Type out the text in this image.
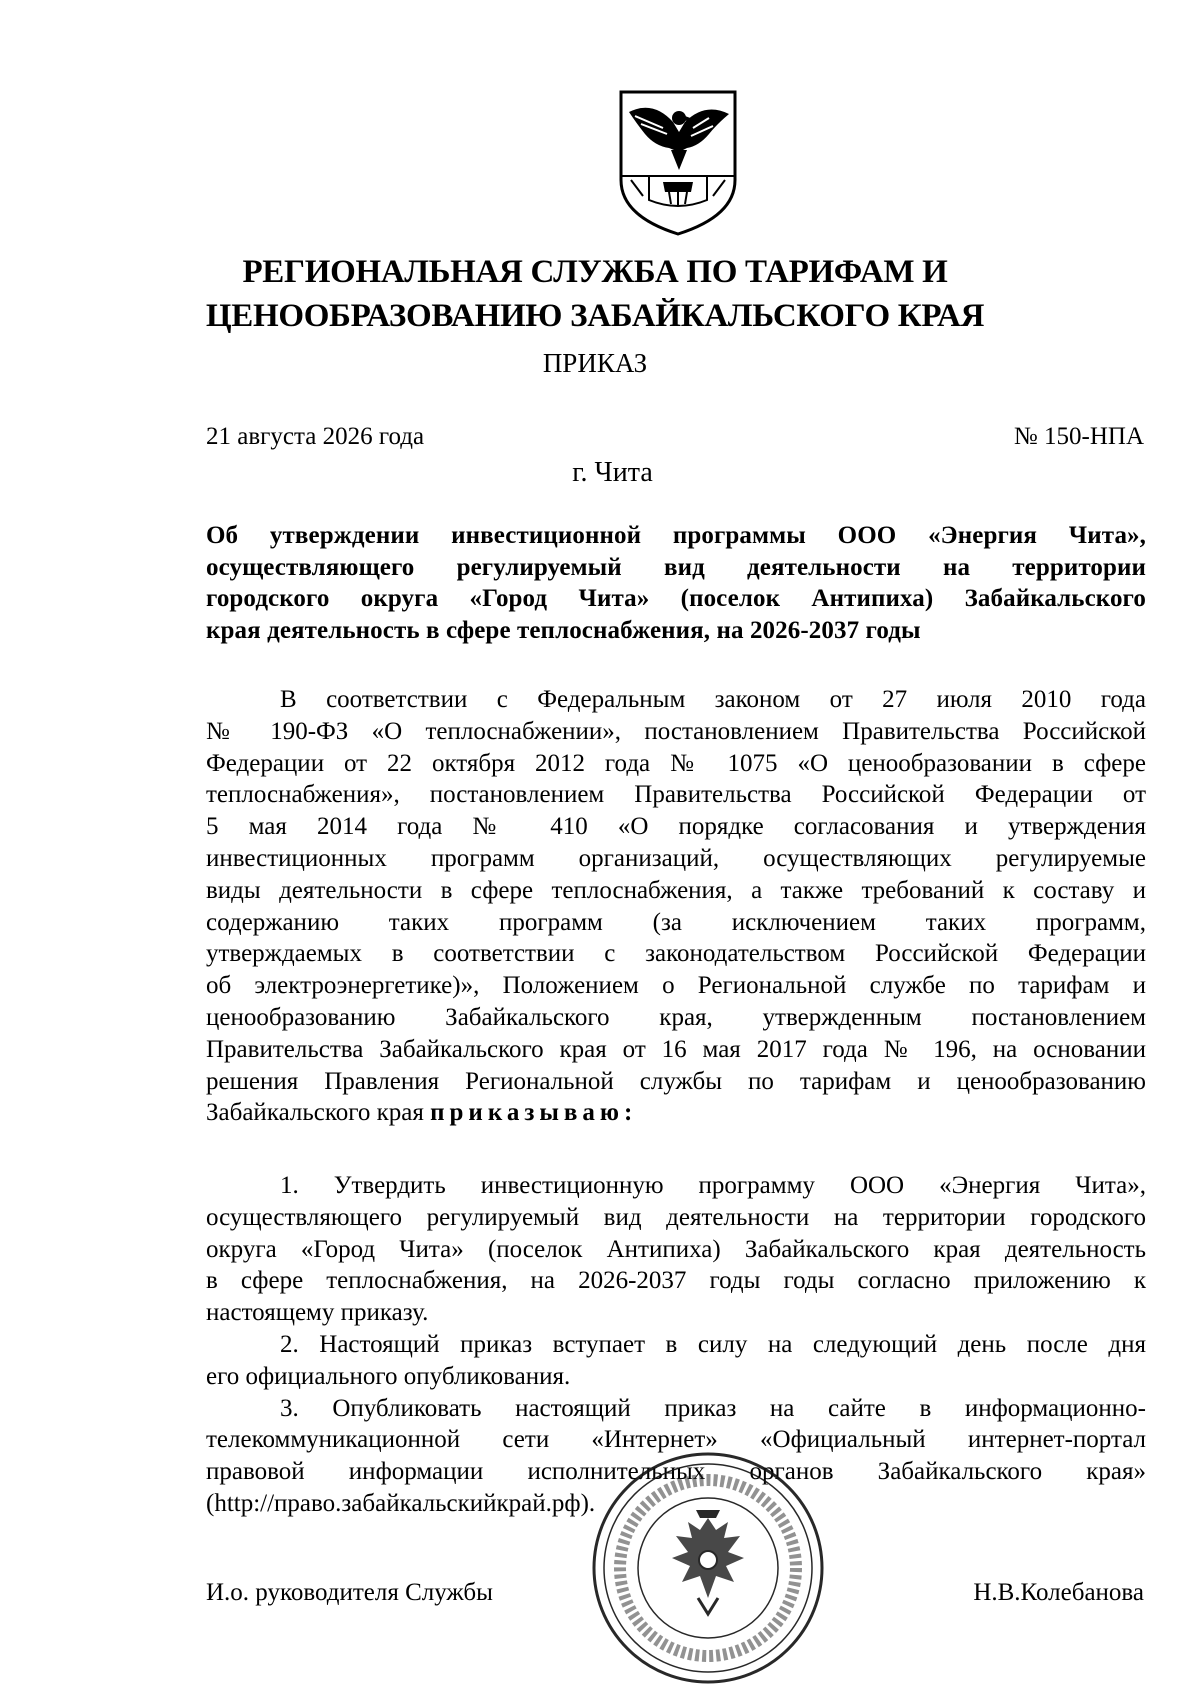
РЕГИОНАЛЬНАЯ СЛУЖБА ПО ТАРИФАМ И
ЦЕНООБРАЗОВАНИЮ ЗАБАЙКАЛЬСКОГО КРАЯ
ПРИКАЗ
21 августа 2026 года	№ 150-НПА
г. Чита
Об утверждении инвестиционной программы ООО «Энергия Чита»,
осуществляющего регулируемый вид деятельности на территории
городского округа «Город Чита» (поселок Антипиха) Забайкальского
края деятельность в сфере теплоснабжения, на 2026-2037 годы
В соответствии с Федеральным законом от 27 июля 2010 года
№ 190-ФЗ «О теплоснабжении», постановлением Правительства Российской
Федерации от 22 октября 2012 года № 1075 «О ценообразовании в сфере
теплоснабжения», постановлением Правительства Российской Федерации от
5 мая 2014 года № 410 «О порядке согласования и утверждения
инвестиционных программ организаций, осуществляющих регулируемые
виды деятельности в сфере теплоснабжения, а также требований к составу и
содержанию таких программ (за исключением таких программ,
утверждаемых в соответствии с законодательством Российской Федерации
об электроэнергетике)», Положением о Региональной службе по тарифам и
ценообразованию Забайкальского края, утвержденным постановлением
Правительства Забайкальского края от 16 мая 2017 года № 196, на основании
решения Правления Региональной службы по тарифам и ценообразованию
Забайкальского края приказываю:
1. Утвердить инвестиционную программу ООО «Энергия Чита»,
осуществляющего регулируемый вид деятельности на территории городского
округа «Город Чита» (поселок Антипиха) Забайкальского края деятельность
в сфере теплоснабжения, на 2026-2037 годы годы согласно приложению к
настоящему приказу.
2. Настоящий приказ вступает в силу на следующий день после дня
его официального опубликования.
3. Опубликовать настоящий приказ на сайте в информационно-
телекоммуникационной сети «Интернет» «Официальный интернет-портал
правовой информации исполнительных органов Забайкальского края»
(http://право.забайкальскийкрай.рф).
И.о. руководителя Службы	Н.В.Колебанова
